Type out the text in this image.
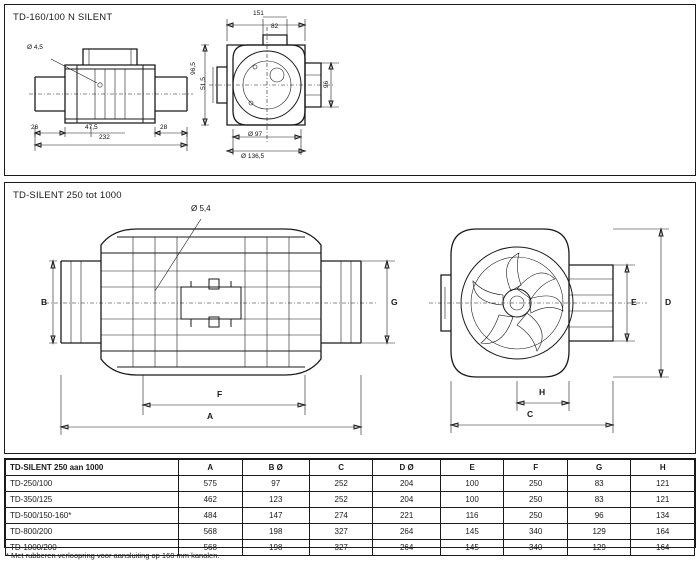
TD-160/100 N SILENT
Ø 4,5
232
26	47,5	28
151
82
96,5
51,5	96
Ø 97
Ø 136,5
TD-SILENT 250 tot 1000
Ø 5,4
B	G
F
A
E	D
H
C
TD-SILENT 250 aan 1000	A	B Ø	C	D Ø	E	F	G	H
TD-250/100	575	97	252	204	100	250	83	121
TD-350/125	462	123	252	204	100	250	83	121
TD-500/150-160*	484	147	274	221	116	250	96	134
TD-800/200	568	198	327	264	145	340	129	164
TD-1000/200	568	198	327	264	145	340	129	164
* Met rubberen verloopring voor aansluiting op 160 mm kanalen.
